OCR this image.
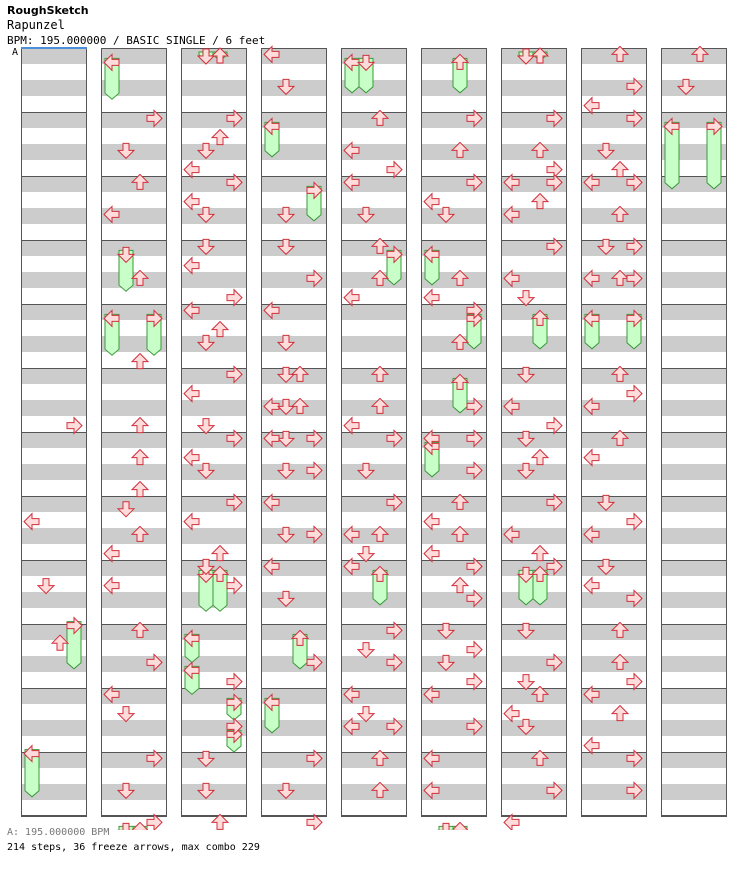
RoughSketch
Rapunzel
BPM: 195.000000 / BASIC SINGLE / 6 feet
A
A: 195.000000 BPM
214 steps, 36 freeze arrows, max combo 229
